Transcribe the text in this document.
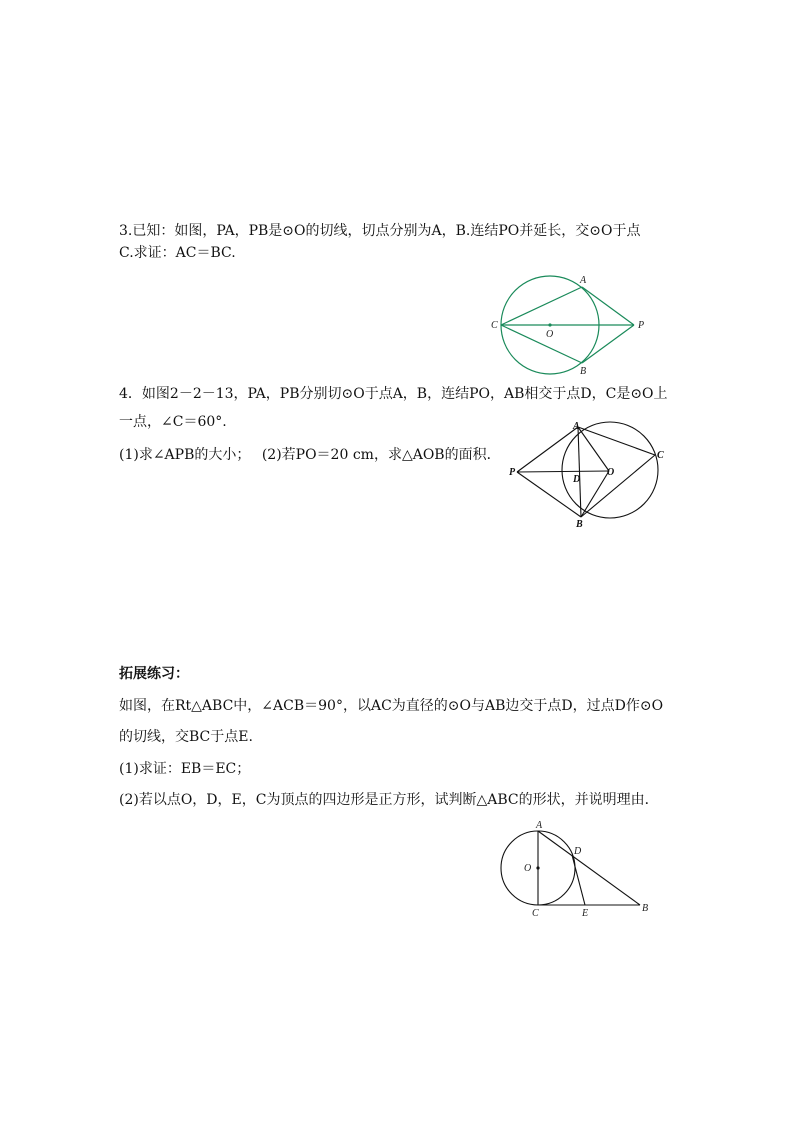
3.已知：如图，PA，PB是⊙O的切线，切点分别为A，B.连结PO并延长，交⊙O于点
C.求证：AC＝BC.
A
B
C	P
O
4．如图2－2－13，PA，PB分别切⊙O于点A，B，连结PO，AB相交于点D，C是⊙O上
一点，∠C＝60°.
(1)求∠APB的大小；　 (2)若PO＝20 cm，求△AOB的面积．
A
B
C
P	O
D
拓展练习：
如图，在Rt△ABC中，∠ACB＝90°，以AC为直径的⊙O与AB边交于点D，过点D作⊙O
的切线，交BC于点E.
(1)求证：EB＝EC；
(2)若以点O，D，E，C为顶点的四边形是正方形，试判断△ABC的形状，并说明理由．
A
B
C
D
E
O
